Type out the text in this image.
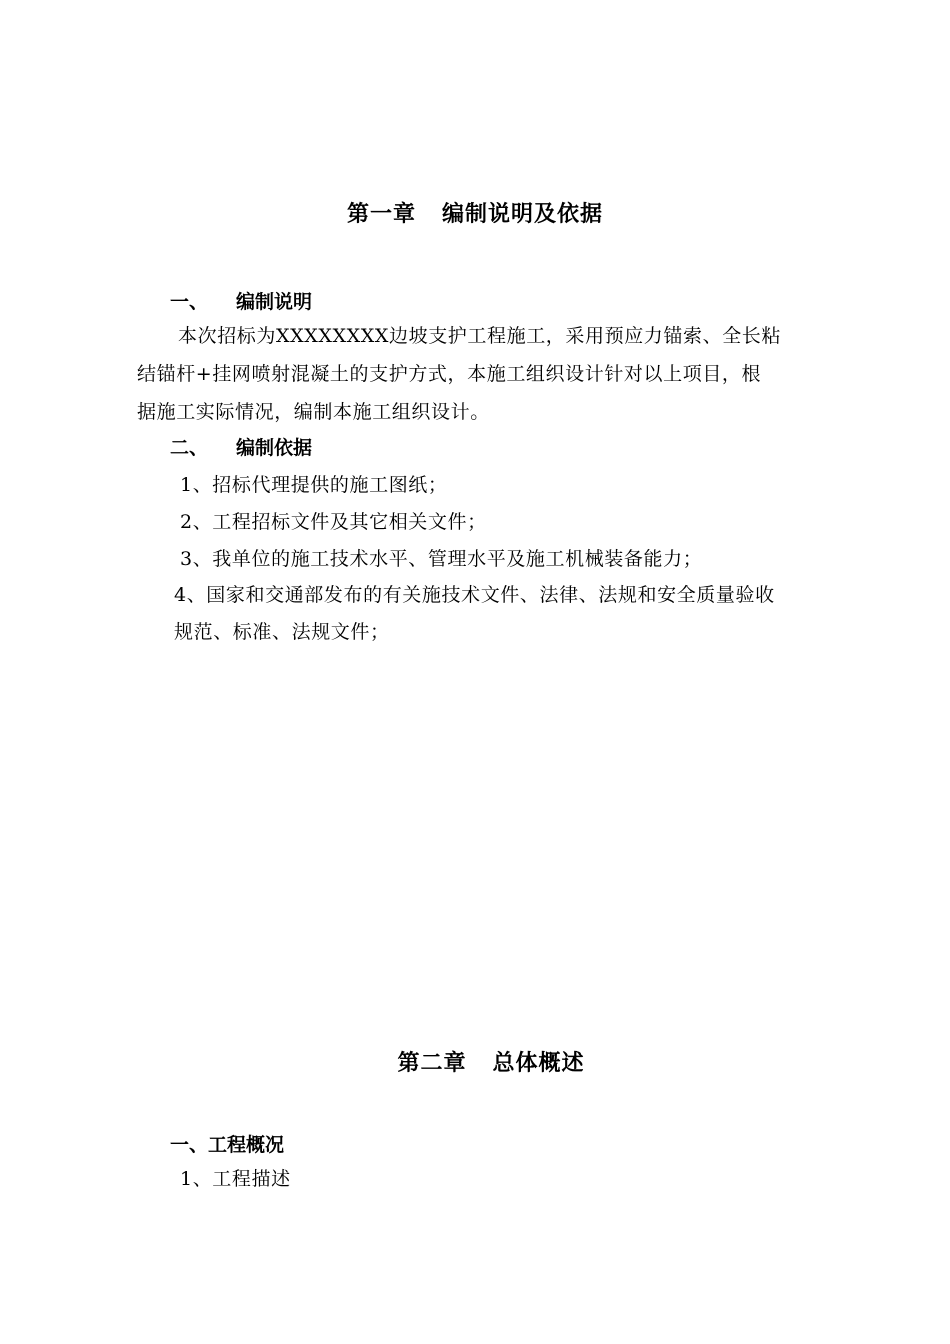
第一章 编制说明及依据
一、 编制说明
本次招标为XXXXXXXX边坡支护工程施工，采用预应力锚索、全长粘
结锚杆+挂网喷射混凝土的支护方式，本施工组织设计针对以上项目，根
据施工实际情况，编制本施工组织设计。
二、 编制依据
1、招标代理提供的施工图纸；
2、工程招标文件及其它相关文件；
3、我单位的施工技术水平、管理水平及施工机械装备能力；
4、国家和交通部发布的有关施技术文件、法律、法规和安全质量验收
规范、标准、法规文件；
第二章 总体概述
一、工程概况
1、工程描述
